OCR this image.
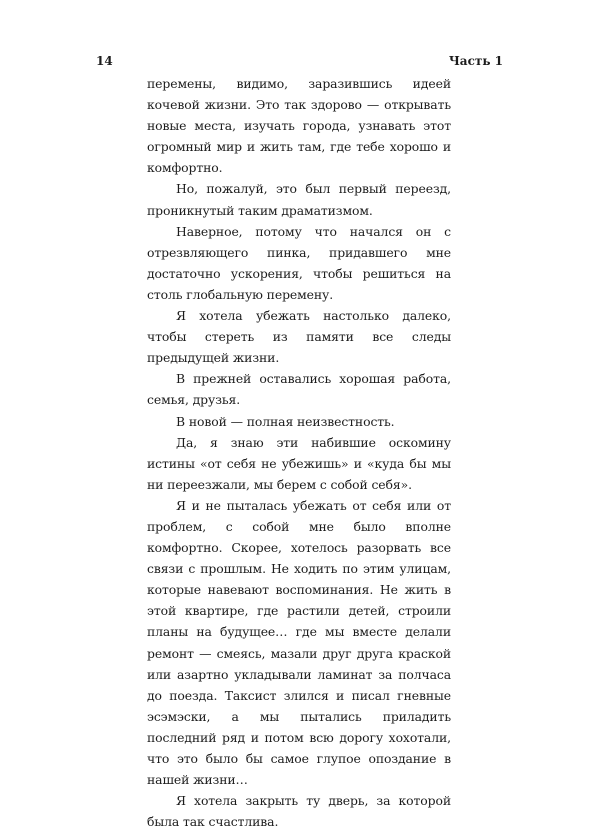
14	Часть 1

перемены, видимо, заразившись идеей кочевой жизни. Это так здорово — открывать новые места, изучать города, узнавать этот огромный мир и жить там, где тебе хорошо и комфортно.

Но, пожалуй, это был первый переезд, проникнутый таким драматизмом.

Наверное, потому что начался он с отрезвляющего пинка, придавшего мне достаточно ускорения, чтобы решиться на столь глобальную перемену.

Я хотела убежать настолько далеко, чтобы стереть из памяти все следы предыдущей жизни.

В прежней оставались хорошая работа, семья, друзья.

В новой — полная неизвестность.

Да, я знаю эти набившие оскомину истины «от себя не убежишь» и «куда бы мы ни переезжали, мы берем с собой себя».

Я и не пыталась убежать от себя или от проблем, с собой мне было вполне комфортно. Скорее, хотелось разорвать все связи с прошлым. Не ходить по этим улицам, которые навевают воспоминания. Не жить в этой квартире, где растили детей, строили планы на будущее… где мы вместе делали ремонт — смеясь, мазали друг друга краской или азартно укладывали ламинат за полчаса до поезда. Таксист злился и писал гневные эсэмэски, а мы пытались приладить последний ряд и потом всю дорогу хохотали, что это было бы самое глупое опоздание в нашей жизни…

Я хотела закрыть ту дверь, за которой была так счастлива.
